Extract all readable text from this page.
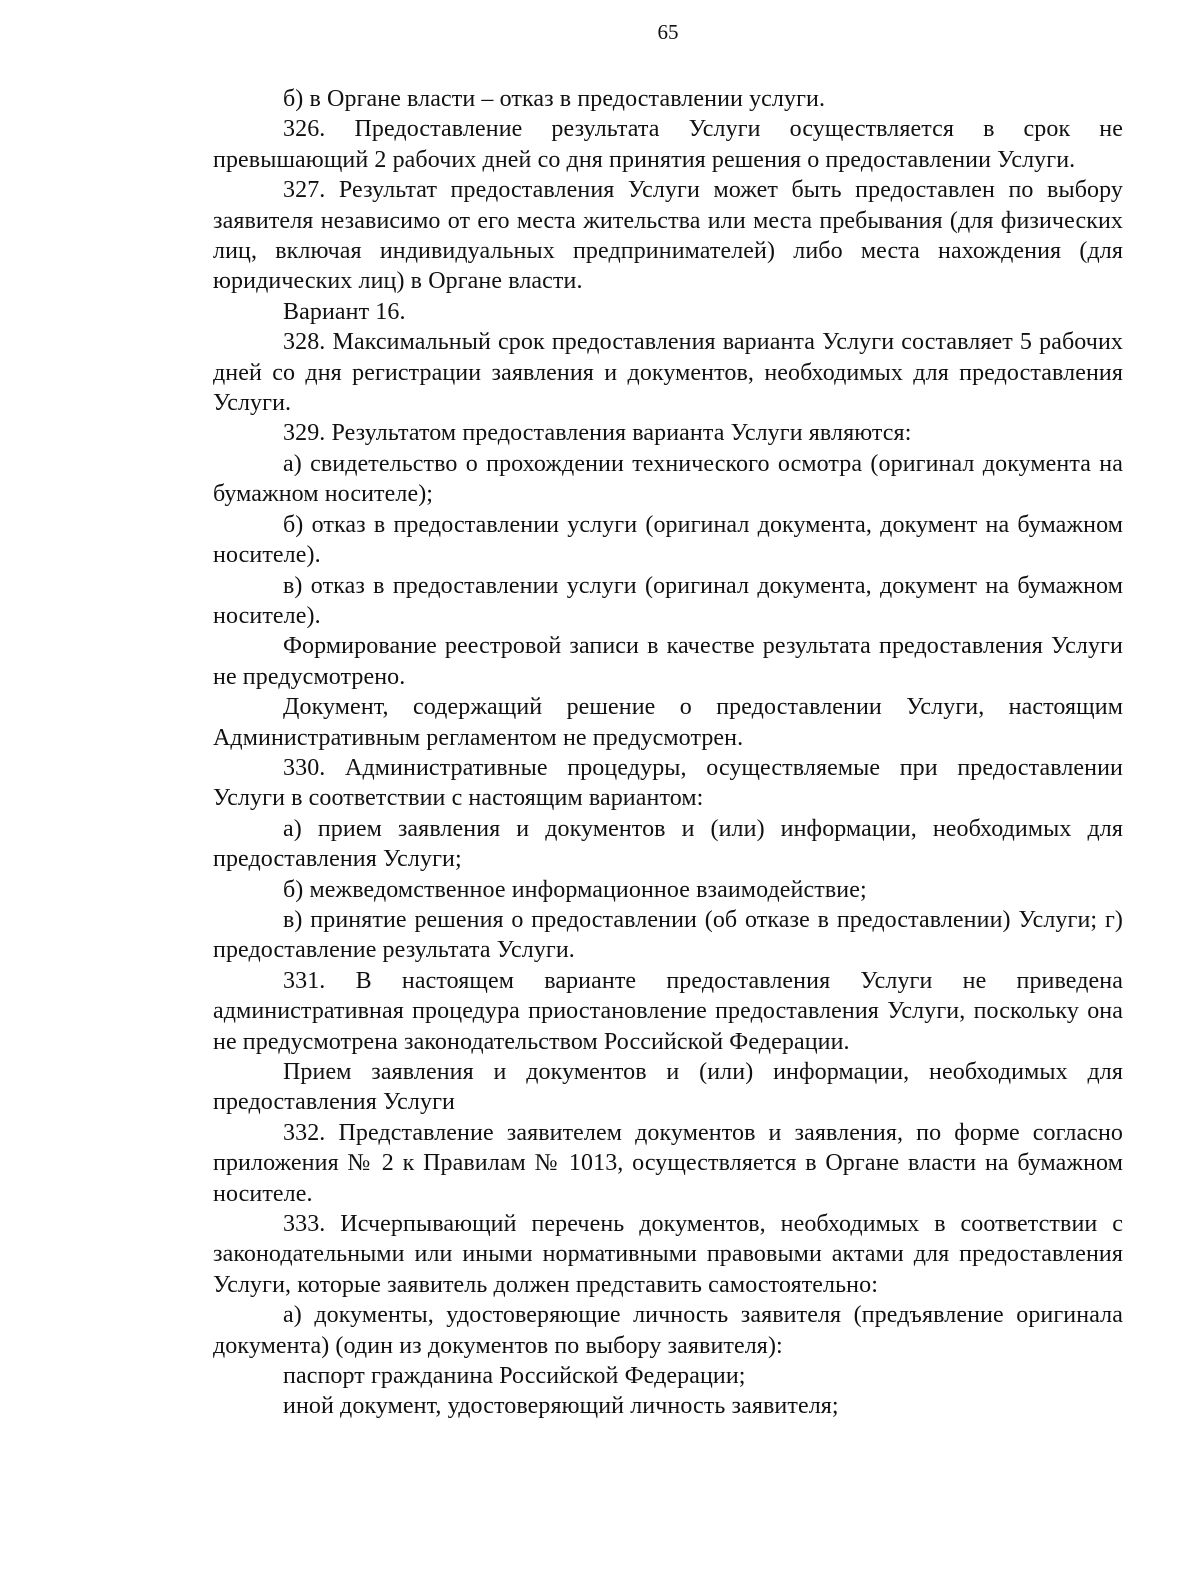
65

б) в Органе власти – отказ в предоставлении услуги.

326. Предоставление результата Услуги осуществляется в срок не превышающий 2 рабочих дней со дня принятия решения о предоставлении Услуги.

327. Результат предоставления Услуги может быть предоставлен по выбору заявителя независимо от его места жительства или места пребывания (для физических лиц, включая индивидуальных предпринимателей) либо места нахождения (для юридических лиц) в Органе власти.

Вариант 16.

328. Максимальный срок предоставления варианта Услуги составляет 5 рабочих дней со дня регистрации заявления и документов, необходимых для предоставления Услуги.

329. Результатом предоставления варианта Услуги являются:

а) свидетельство о прохождении технического осмотра (оригинал документа на бумажном носителе);

б) отказ в предоставлении услуги (оригинал документа, документ на бумажном носителе).

в) отказ в предоставлении услуги (оригинал документа, документ на бумажном носителе).

Формирование реестровой записи в качестве результата предоставления Услуги не предусмотрено.

Документ, содержащий решение о предоставлении Услуги, настоящим Административным регламентом не предусмотрен.

330. Административные процедуры, осуществляемые при предоставлении Услуги в соответствии с настоящим вариантом:

а) прием заявления и документов и (или) информации, необходимых для предоставления Услуги;

б) межведомственное информационное взаимодействие;

в) принятие решения о предоставлении (об отказе в предоставлении) Услуги; г) предоставление результата Услуги.

331. В настоящем варианте предоставления Услуги не приведена административная процедура приостановление предоставления Услуги, поскольку она не предусмотрена законодательством Российской Федерации.

Прием заявления и документов и (или) информации, необходимых для предоставления Услуги

332. Представление заявителем документов и заявления, по форме согласно приложения № 2 к Правилам № 1013, осуществляется в Органе власти на бумажном носителе.

333. Исчерпывающий перечень документов, необходимых в соответствии с законодательными или иными нормативными правовыми актами для предоставления Услуги, которые заявитель должен представить самостоятельно:

а) документы, удостоверяющие личность заявителя (предъявление оригинала документа) (один из документов по выбору заявителя):

паспорт гражданина Российской Федерации;

иной документ, удостоверяющий личность заявителя;
